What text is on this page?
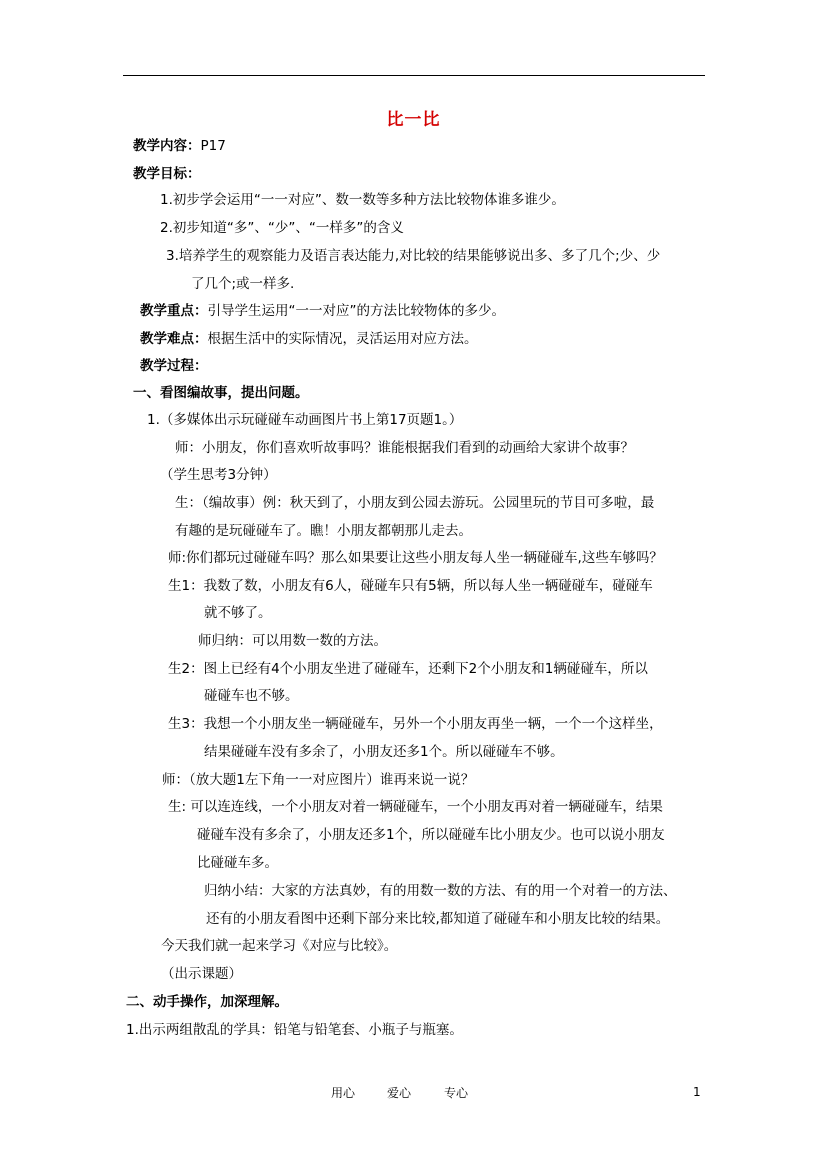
比一比
教学内容：P17
教学目标：
1.初步学会运用“一一对应”、数一数等多种方法比较物体谁多谁少。
2.初步知道“多”、“少”、“一样多”的含义
3.培养学生的观察能力及语言表达能力,对比较的结果能够说出多、多了几个;少、少
了几个;或一样多.
教学重点：引导学生运用“一一对应”的方法比较物体的多少。
教学难点：根据生活中的实际情况，灵活运用对应方法。
教学过程：
一、看图编故事，提出问题。
1.（多媒体出示玩碰碰车动画图片书上第17页题1。）
师：小朋友，你们喜欢听故事吗？谁能根据我们看到的动画给大家讲个故事？
（学生思考3分钟）
生：（编故事）例：秋天到了，小朋友到公园去游玩。公园里玩的节目可多啦，最
有趣的是玩碰碰车了。瞧！小朋友都朝那儿走去。
师:你们都玩过碰碰车吗？那么如果要让这些小朋友每人坐一辆碰碰车,这些车够吗？
生1：我数了数，小朋友有6人，碰碰车只有5辆，所以每人坐一辆碰碰车，碰碰车
就不够了。
师归纳：可以用数一数的方法。
生2：图上已经有4个小朋友坐进了碰碰车，还剩下2个小朋友和1辆碰碰车，所以
碰碰车也不够。
生3：我想一个小朋友坐一辆碰碰车，另外一个小朋友再坐一辆，一个一个这样坐，
结果碰碰车没有多余了，小朋友还多1个。所以碰碰车不够。
师：（放大题1左下角一一对应图片）谁再来说一说？
生: 可以连连线，一个小朋友对着一辆碰碰车，一个小朋友再对着一辆碰碰车，结果
碰碰车没有多余了，小朋友还多1个，所以碰碰车比小朋友少。也可以说小朋友
比碰碰车多。
归纳小结：大家的方法真妙，有的用数一数的方法、有的用一个对着一的方法、
还有的小朋友看图中还剩下部分来比较,都知道了碰碰车和小朋友比较的结果。
今天我们就一起来学习《对应与比较》。
（出示课题）
二、动手操作，加深理解。
1.出示两组散乱的学具：铅笔与铅笔套、小瓶子与瓶塞。
用心	爱心	专心	1
